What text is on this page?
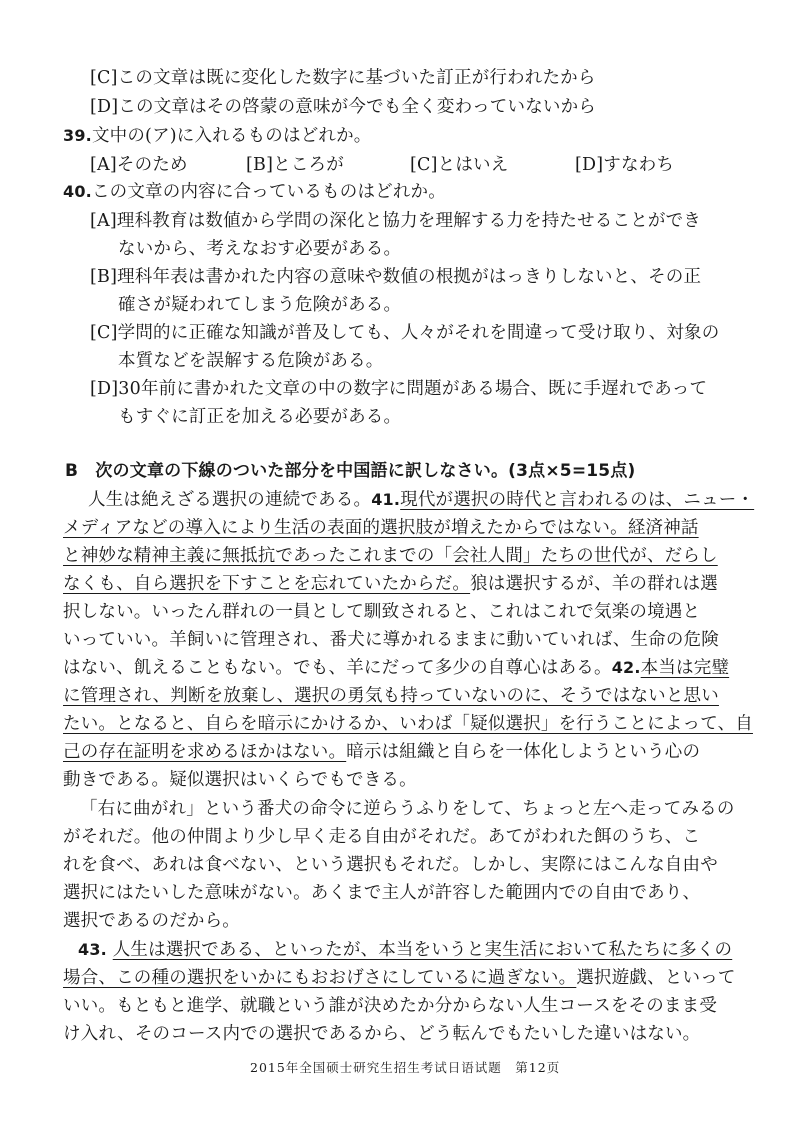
[C]この文章は既に変化した数字に基づいた訂正が行われたから
[D]この文章はその啓蒙の意味が今でも全く変わっていないから
39.文中の(ア)に入れるものはどれか。
[A]そのため	[B]ところが	[C]とはいえ	[D]すなわち
40.この文章の内容に合っているものはどれか。
[A]理科教育は数値から学問の深化と協力を理解する力を持たせることができ
ないから、考えなおす必要がある。
[B]理科年表は書かれた内容の意味や数値の根拠がはっきりしないと、その正
確さが疑われてしまう危険がある。
[C]学問的に正確な知識が普及しても、人々がそれを間違って受け取り、対象の
本質などを誤解する危険がある。
[D]30年前に書かれた文章の中の数字に問題がある場合、既に手遅れであって
もすぐに訂正を加える必要がある。
B　次の文章の下線のついた部分を中国語に訳しなさい。(3点×5=15点)
人生は絶えざる選択の連続である。41.現代が選択の時代と言われるのは、ニュー・
メディアなどの導入により生活の表面的選択肢が増えたからではない。経済神話
と神妙な精神主義に無抵抗であったこれまでの「会社人間」たちの世代が、だらし
なくも、自ら選択を下すことを忘れていたからだ。狼は選択するが、羊の群れは選
択しない。いったん群れの一員として馴致されると、これはこれで気楽の境遇と
いっていい。羊飼いに管理され、番犬に導かれるままに動いていれば、生命の危険
はない、飢えることもない。でも、羊にだって多少の自尊心はある。42.本当は完璧
に管理され、判断を放棄し、選択の勇気も持っていないのに、そうではないと思い
たい。となると、自らを暗示にかけるか、いわば「疑似選択」を行うことによって、自
己の存在証明を求めるほかはない。暗示は組織と自らを一体化しようという心の
動きである。疑似選択はいくらでもできる。
「右に曲がれ」という番犬の命令に逆らうふりをして、ちょっと左へ走ってみるの
がそれだ。他の仲間より少し早く走る自由がそれだ。あてがわれた餌のうち、こ
れを食べ、あれは食べない、という選択もそれだ。しかし、実際にはこんな自由や
選択にはたいした意味がない。あくまで主人が許容した範囲内での自由であり、
選択であるのだから。
43. 人生は選択である、といったが、本当をいうと実生活において私たちに多くの
場合、この種の選択をいかにもおおげさにしているに過ぎない。選択遊戯、といって
いい。もともと進学、就職という誰が決めたか分からない人生コースをそのまま受
け入れ、そのコース内での選択であるから、どう転んでもたいした違いはない。
2015年全国硕士研究生招生考试日语试题　第12页
